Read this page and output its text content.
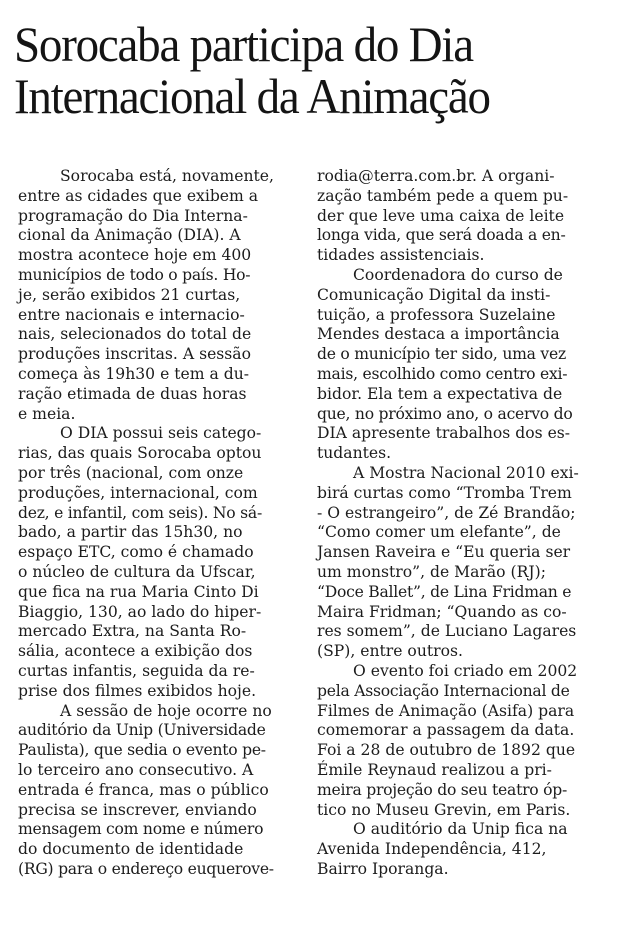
Sorocaba participa do Dia
Internacional da Animação
Sorocaba está, novamente,
entre as cidades que exibem a
programação do Dia Interna-
cional da Animação (DIA). A
mostra acontece hoje em 400
municípios de todo o país. Ho-
je, serão exibidos 21 curtas,
entre nacionais e internacio-
nais, selecionados do total de
produções inscritas. A sessão
começa às 19h30 e tem a du-
ração etimada de duas horas
e meia.
O DIA possui seis catego-
rias, das quais Sorocaba optou
por três (nacional, com onze
produções, internacional, com
dez, e infantil, com seis). No sá-
bado, a partir das 15h30, no
espaço ETC, como é chamado
o núcleo de cultura da Ufscar,
que fica na rua Maria Cinto Di
Biaggio, 130, ao lado do hiper-
mercado Extra, na Santa Ro-
sália, acontece a exibição dos
curtas infantis, seguida da re-
prise dos filmes exibidos hoje.
A sessão de hoje ocorre no
auditório da Unip (Universidade
Paulista), que sedia o evento pe-
lo terceiro ano consecutivo. A
entrada é franca, mas o público
precisa se inscrever, enviando
mensagem com nome e número
do documento de identidade
(RG) para o endereço euquerove-
rodia@terra.com.br. A organi-
zação também pede a quem pu-
der que leve uma caixa de leite
longa vida, que será doada a en-
tidades assistenciais.
Coordenadora do curso de
Comunicação Digital da insti-
tuição, a professora Suzelaine
Mendes destaca a importância
de o município ter sido, uma vez
mais, escolhido como centro exi-
bidor. Ela tem a expectativa de
que, no próximo ano, o acervo do
DIA apresente trabalhos dos es-
tudantes.
A Mostra Nacional 2010 exi-
birá curtas como “Tromba Trem
- O estrangeiro”, de Zé Brandão;
“Como comer um elefante”, de
Jansen Raveira e “Eu queria ser
um monstro”, de Marão (RJ);
“Doce Ballet”, de Lina Fridman e
Maira Fridman; “Quando as co-
res somem”, de Luciano Lagares
(SP), entre outros.
O evento foi criado em 2002
pela Associação Internacional de
Filmes de Animação (Asifa) para
comemorar a passagem da data.
Foi a 28 de outubro de 1892 que
Émile Reynaud realizou a pri-
meira projeção do seu teatro óp-
tico no Museu Grevin, em Paris.
O auditório da Unip fica na
Avenida Independência, 412,
Bairro Iporanga.
